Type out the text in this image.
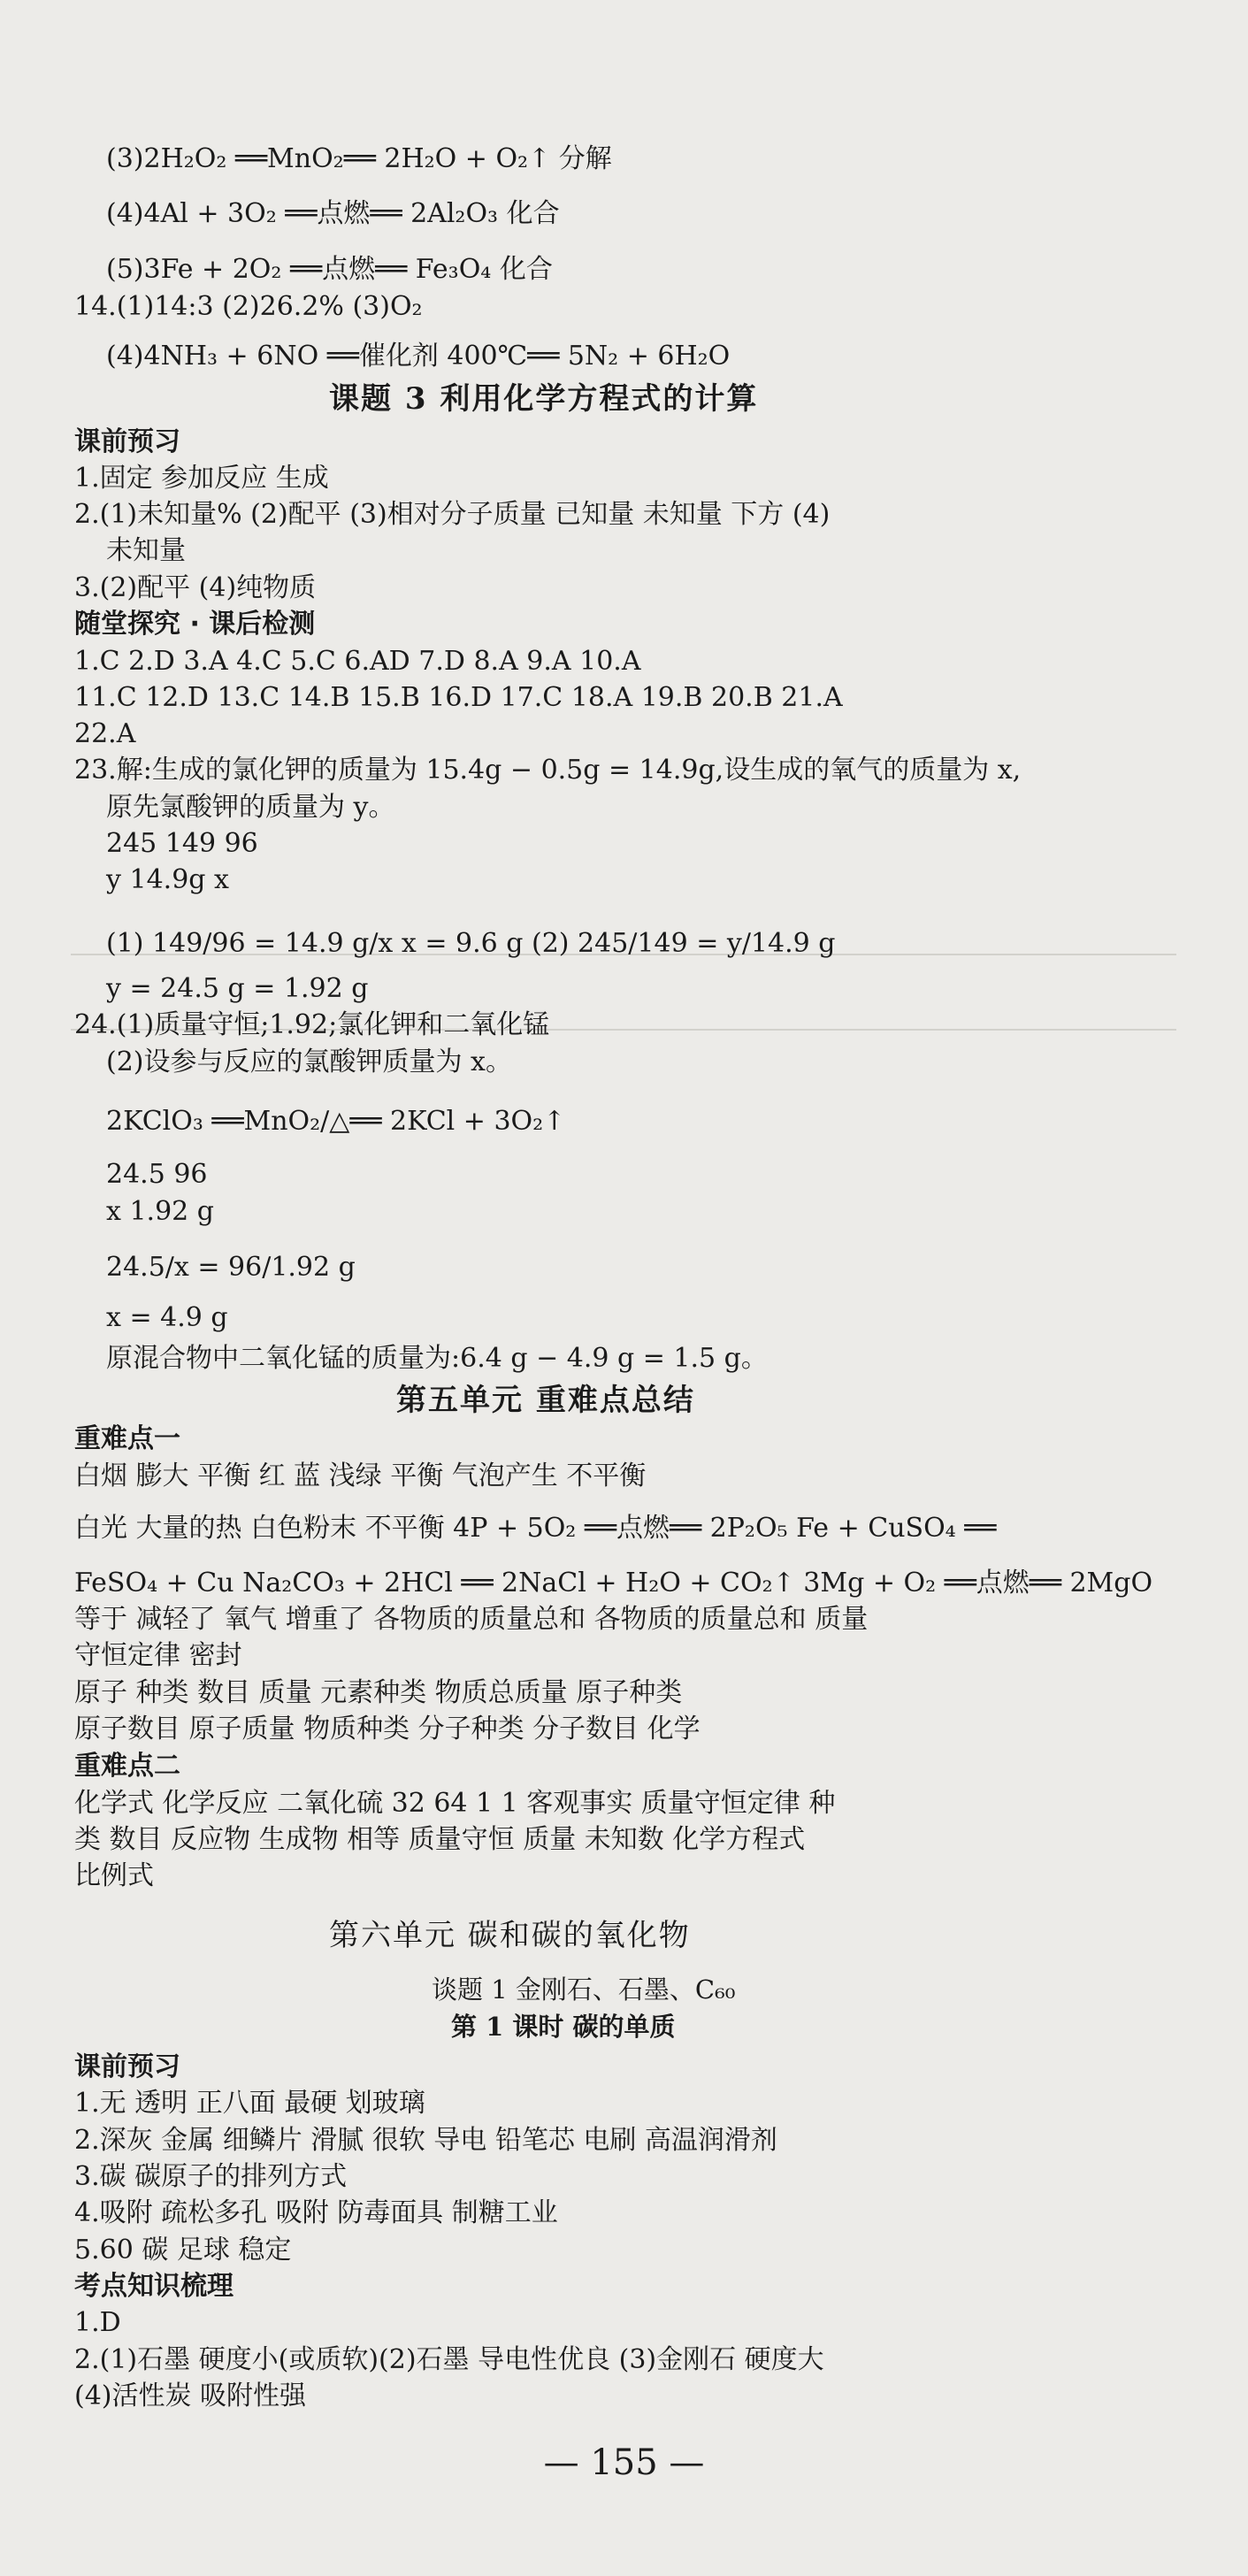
(3)2H₂O₂ ══MnO₂══ 2H₂O + O₂↑ 分解
(4)4Al + 3O₂ ══点燃══ 2Al₂O₃ 化合
(5)3Fe + 2O₂ ══点燃══ Fe₃O₄ 化合
14.(1)14:3 (2)26.2% (3)O₂
(4)4NH₃ + 6NO ══催化剂 400℃══ 5N₂ + 6H₂O
课题 3 利用化学方程式的计算
课前预习
1.固定 参加反应 生成
2.(1)未知量% (2)配平 (3)相对分子质量 已知量 未知量 下方 (4)
未知量
3.(2)配平 (4)纯物质
随堂探究 · 课后检测
1.C 2.D 3.A 4.C 5.C 6.AD 7.D 8.A 9.A 10.A
11.C 12.D 13.C 14.B 15.B 16.D 17.C 18.A 19.B 20.B 21.A
22.A
23.解:生成的氯化钾的质量为 15.4g − 0.5g = 14.9g,设生成的氧气的质量为 x,
原先氯酸钾的质量为 y。
245 149 96
y 14.9g x
(1) 149/96 = 14.9 g/x x = 9.6 g (2) 245/149 = y/14.9 g
y = 24.5 g = 1.92 g
24.(1)质量守恒;1.92;氯化钾和二氧化锰
(2)设参与反应的氯酸钾质量为 x。
2KClO₃ ══MnO₂/△══ 2KCl + 3O₂↑
24.5 96
x 1.92 g
24.5/x = 96/1.92 g
x = 4.9 g
原混合物中二氧化锰的质量为:6.4 g − 4.9 g = 1.5 g。
第五单元 重难点总结
重难点一
白烟 膨大 平衡 红 蓝 浅绿 平衡 气泡产生 不平衡
白光 大量的热 白色粉末 不平衡 4P + 5O₂ ══点燃══ 2P₂O₅ Fe + CuSO₄ ══
FeSO₄ + Cu Na₂CO₃ + 2HCl ══ 2NaCl + H₂O + CO₂↑ 3Mg + O₂ ══点燃══ 2MgO
等于 减轻了 氧气 增重了 各物质的质量总和 各物质的质量总和 质量
守恒定律 密封
原子 种类 数目 质量 元素种类 物质总质量 原子种类
原子数目 原子质量 物质种类 分子种类 分子数目 化学
重难点二
化学式 化学反应 二氧化硫 32 64 1 1 客观事实 质量守恒定律 种
类 数目 反应物 生成物 相等 质量守恒 质量 未知数 化学方程式
比例式
第六单元 碳和碳的氧化物
谈题 1 金刚石、石墨、C₆₀
第 1 课时 碳的单质
课前预习
1.无 透明 正八面 最硬 划玻璃
2.深灰 金属 细鳞片 滑腻 很软 导电 铅笔芯 电刷 高温润滑剂
3.碳 碳原子的排列方式
4.吸附 疏松多孔 吸附 防毒面具 制糖工业
5.60 碳 足球 稳定
考点知识梳理
1.D
2.(1)石墨 硬度小(或质软)(2)石墨 导电性优良 (3)金刚石 硬度大
(4)活性炭 吸附性强
— 155 —
